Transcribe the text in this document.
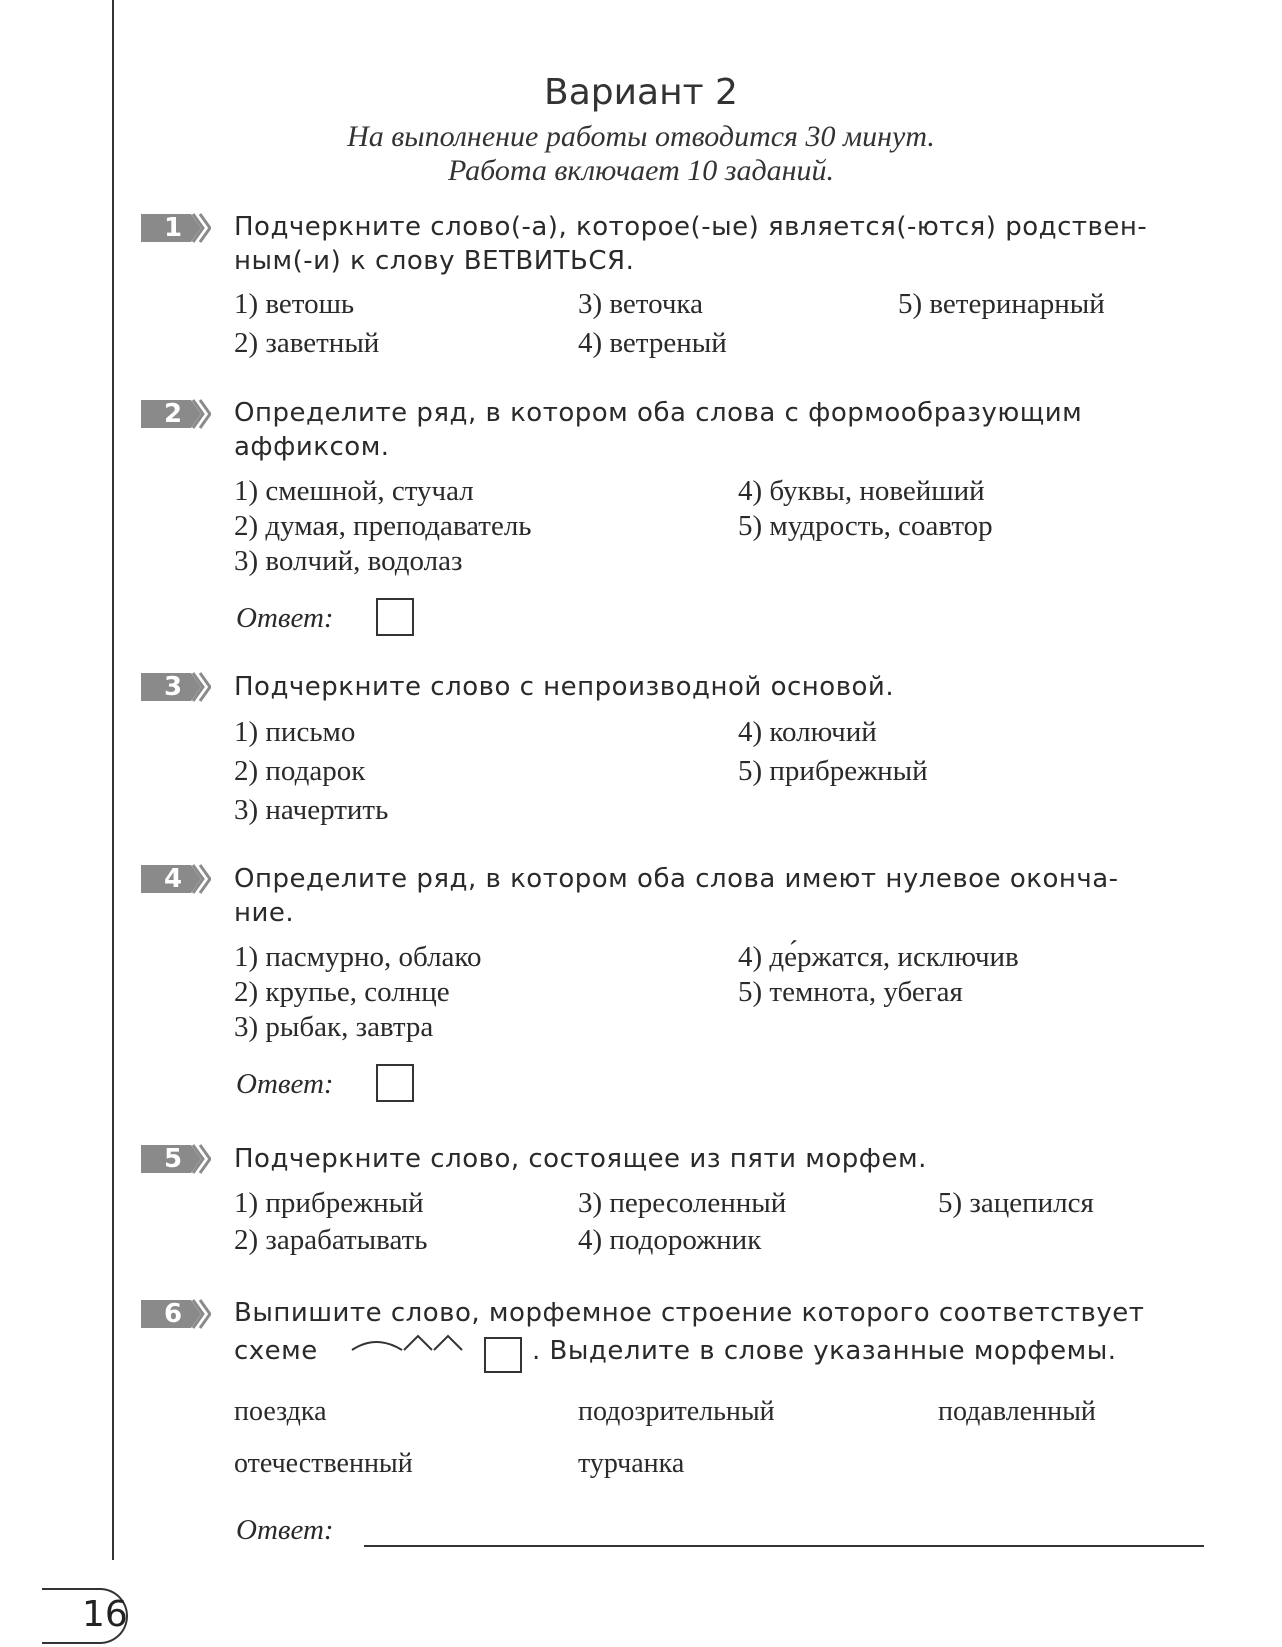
Вариант 2
На выполнение работы отводится 30 минут.
Работа включает 10 заданий.
1	Подчеркните слово(-а), которое(-ые) является(-ются) родствен-
ным(-и) к слову ВЕТВИТЬСЯ.
1) ветошь
2) заветный
3) веточка
4) ветреный
5) ветеринарный
2	Определите ряд, в котором оба слова с формообразующим
аффиксом.
1) смешной, стучал
2) думая, преподаватель
3) волчий, водолаз
4) буквы, новейший
5) мудрость, соавтор
Ответ:
3	Подчеркните слово с непроизводной основой.
1) письмо
2) подарок
3) начертить
4) колючий
5) прибрежный
4	Определите ряд, в котором оба слова имеют нулевое оконча-
ние.
1) пасмурно, облако
2) крупье, солнце
3) рыбак, завтра
4) де́ржатся, исключив
5) темнота, убегая
Ответ:
5	Подчеркните слово, состоящее из пяти морфем.
1) прибрежный
2) зарабатывать
3) пересоленный
4) подорожник
5) зацепился
6	Выпишите слово, морфемное строение которого соответствует
схеме	. Выделите в слове указанные морфемы.
поездка	подозрительный	подавленный
отечественный	турчанка
Ответ:
16
